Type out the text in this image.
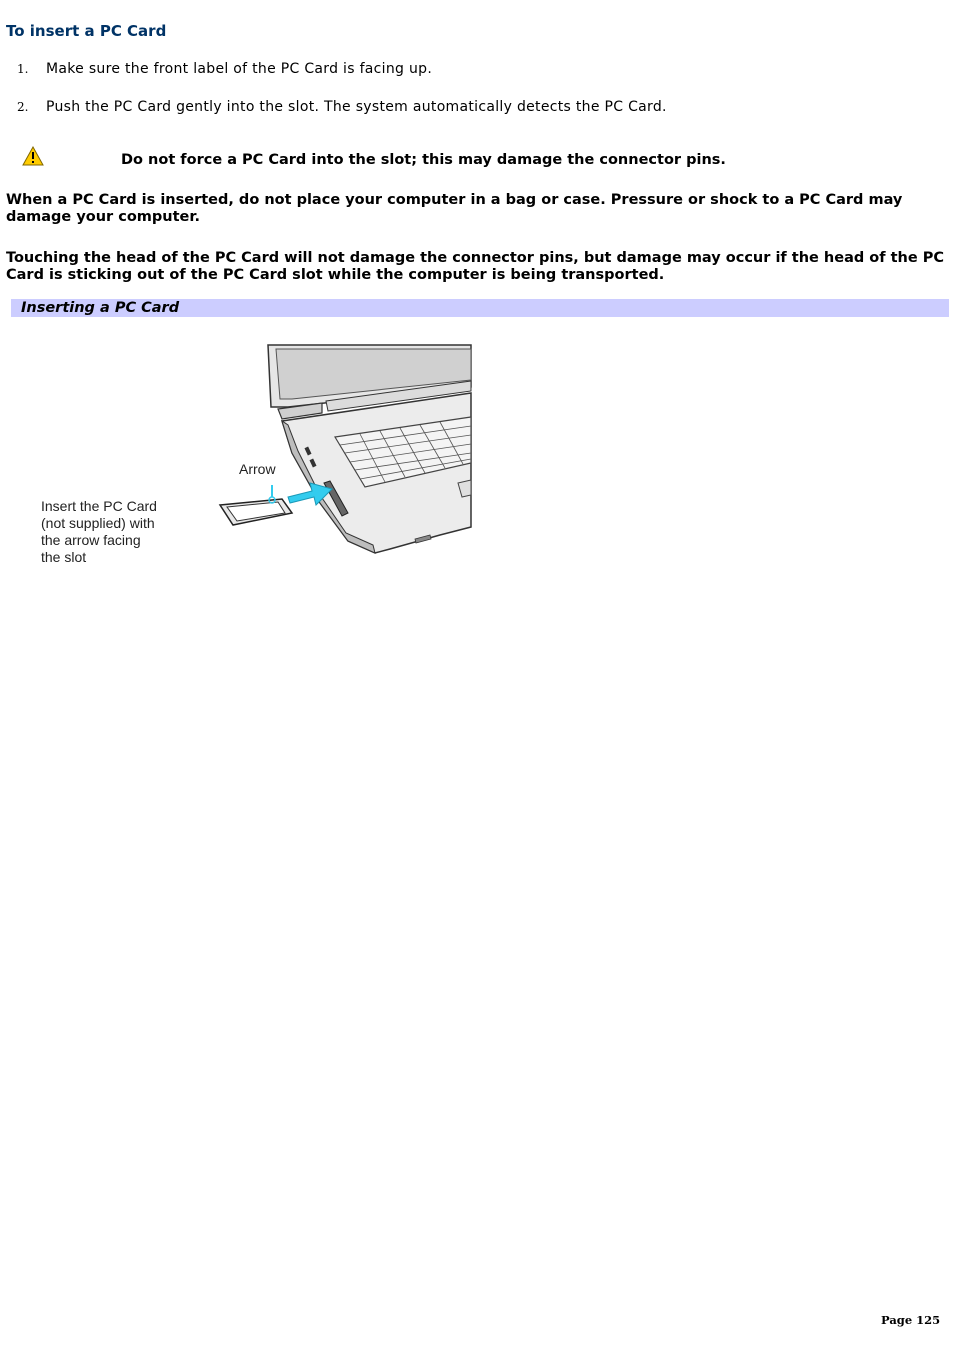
To insert a PC Card
1. Make sure the front label of the PC Card is facing up.
2. Push the PC Card gently into the slot. The system automatically detects the PC Card.
Do not force a PC Card into the slot; this may damage the connector pins.
When a PC Card is inserted, do not place your computer in a bag or case. Pressure or shock to a PC Card may damage your computer.
Touching the head of the PC Card will not damage the connector pins, but damage may occur if the head of the PC Card is sticking out of the PC Card slot while the computer is being transported.
Inserting a PC Card
Arrow
Insert the PC Card (not supplied) with the arrow facing the slot
Page 125
